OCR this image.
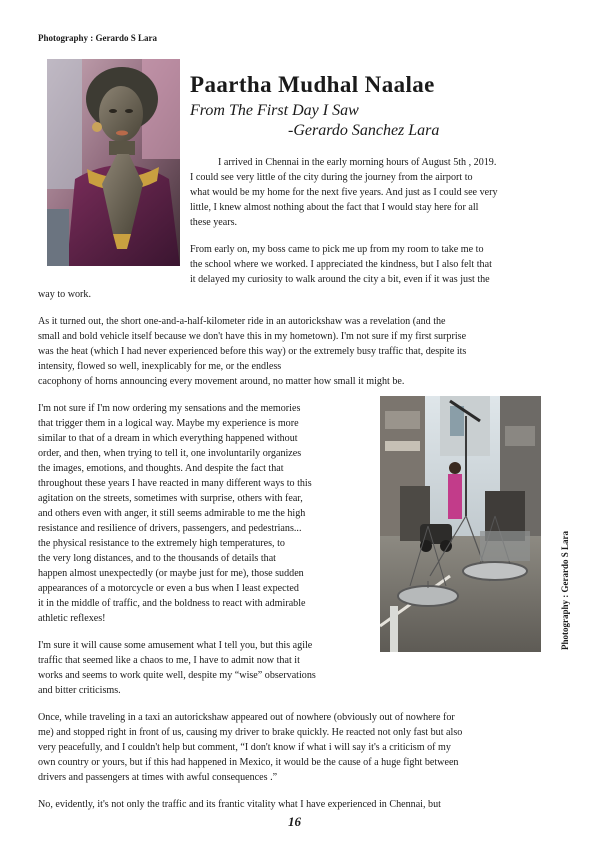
Photography : Gerardo S Lara
Paartha Mudhal Naalae
From The First Day I Saw
-Gerardo Sanchez Lara
I arrived in Chennai in the early morning hours of August 5th , 2019.
I could see very little of the city during the journey from the airport to
what would be my home for the next five years. And just as I could see very
little, I knew almost nothing about the fact that I would stay here for all
these years.
From early on, my boss came to pick me up from my room to take me to
the school where we worked. I appreciated the kindness, but I also felt that
it delayed my curiosity to walk around the city a bit, even if it was just the
way to work.
As it turned out, the short one-and-a-half-kilometer ride in an autorickshaw was a revelation (and the
small and bold vehicle itself because we don't have this in my hometown). I'm not sure if my first surprise
was the heat (which I had never experienced before this way) or the extremely busy traffic that, despite its
intensity, flowed so well, inexplicably for me, or the endless
cacophony of horns announcing every movement around, no matter how small it might be.
I'm not sure if I'm now ordering my sensations and the memories
that trigger them in a logical way. Maybe my experience is more
similar to that of a dream in which everything happened without
order, and then, when trying to tell it, one involuntarily organizes
the images, emotions, and thoughts. And despite the fact that
throughout these years I have reacted in many different ways to this
agitation on the streets, sometimes with surprise, others with fear,
and others even with anger, it still seems admirable to me the high
resistance and resilience of drivers, passengers, and pedestrians...
the physical resistance to the extremely high temperatures, to
the very long distances, and to the thousands of details that
happen almost unexpectedly (or maybe just for me), those sudden
appearances of a motorcycle or even a bus when I least expected
it in the middle of traffic, and the boldness to react with admirable
athletic reflexes!
I'm sure it will cause some amusement what I tell you, but this agile
traffic that seemed like a chaos to me, I have to admit now that it
works and seems to work quite well, despite my “wise” observations
and bitter criticisms.
Once, while traveling in a taxi an autorickshaw appeared out of nowhere (obviously out of nowhere for
me) and stopped right in front of us, causing my driver to brake quickly. He reacted not only fast but also
very peacefully, and I couldn't help but comment, “I don't know if what i will say it's a criticism of my
own country or yours, but if this had happened in Mexico, it would be the cause of a huge fight between
drivers and passengers at times with awful consequences .”
No, evidently, it's not only the traffic and its frantic vitality what I have experienced in Chennai, but
Photography : Gerardo S Lara
16
